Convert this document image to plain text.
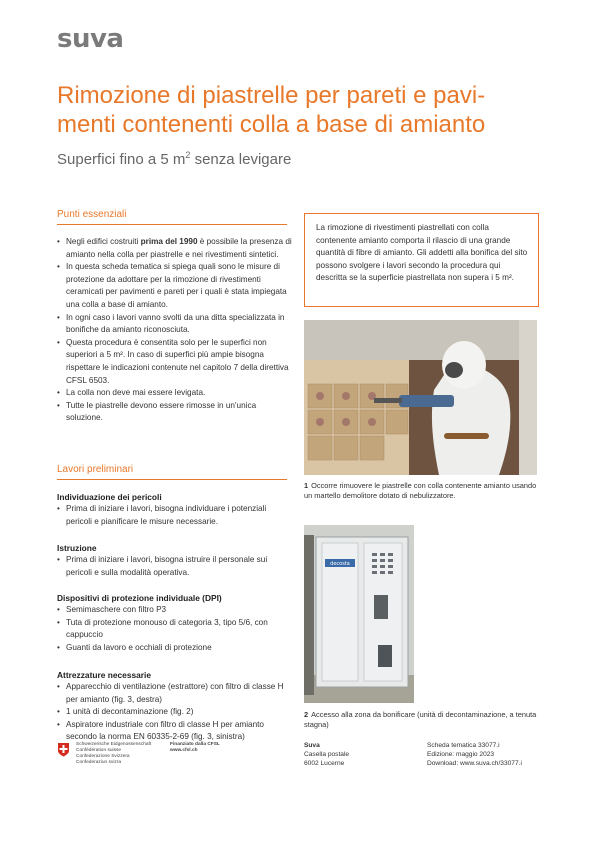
suva
Rimozione di piastrelle per pareti e pavi-
menti contenenti colla a base di amianto
Superfici fino a 5 $m^2$ senza levigare
Punti essenziali
• Negli edifici costruiti prima del 1990 è possibile la presenza di amianto nella colla per piastrelle e nei rivestimenti sintetici.
• In questa scheda tematica si spiega quali sono le misure di protezione da adottare per la rimozione di rivestimenti ceramicati per pavimenti e pareti per i quali è stata impiegata una colla a base di amianto.
• In ogni caso i lavori vanno svolti da una ditta specializzata in bonifiche da amianto riconosciuta.
• Questa procedura è consentita solo per le superfici non superiori a 5 m². In caso di superfici più ampie bisogna rispettare le indicazioni contenute nel capitolo 7 della direttiva CFSL 6503.
• La colla non deve mai essere levigata.
• Tutte le piastrelle devono essere rimosse in un'unica soluzione.
Lavori preliminari
Individuazione dei pericoli
• Prima di iniziare i lavori, bisogna individuare i potenziali pericoli e pianificare le misure necessarie.
Istruzione
• Prima di iniziare i lavori, bisogna istruire il personale sui pericoli e sulla modalità operativa.
Dispositivi di protezione individuale (DPI)
• Semimaschere con filtro P3
• Tuta di protezione monouso di categoria 3, tipo 5/6, con cappuccio
• Guanti da lavoro e occhiali di protezione
Attrezzature necessarie
• Apparecchio di ventilazione (estrattore) con filtro di classe H per amianto (fig. 3, destra)
• 1 unità di decontaminazione (fig. 2)
• Aspiratore industriale con filtro di classe H per amianto secondo la norma EN 60335-2-69 (fig. 3, sinistra)
La rimozione di rivestimenti piastrellati con colla contenente amianto comporta il rilascio di una grande quantità di fibre di amianto. Gli addetti alla bonifica del sito possono svolgere i lavori secondo la procedura qui descritta se la superficie piastrellata non supera i 5 m².
1 Occorre rimuovere le piastrelle con colla contenente amianto usando un martello demolitore dotato di nebulizzatore.
decosta
2 Accesso alla zona da bonificare (unità di decontaminazione, a tenuta stagna)
Schweizerische Eidgenossenschaft
Confédération suisse
Confederazione Svizzera
Confederaziun svizra
Finanziato dalla CFSL
www.cfsl.ch
Suva
Casella postale
6002 Lucerne
Scheda tematica 33077.i
Edizione: maggio 2023
Download: www.suva.ch/33077.i
